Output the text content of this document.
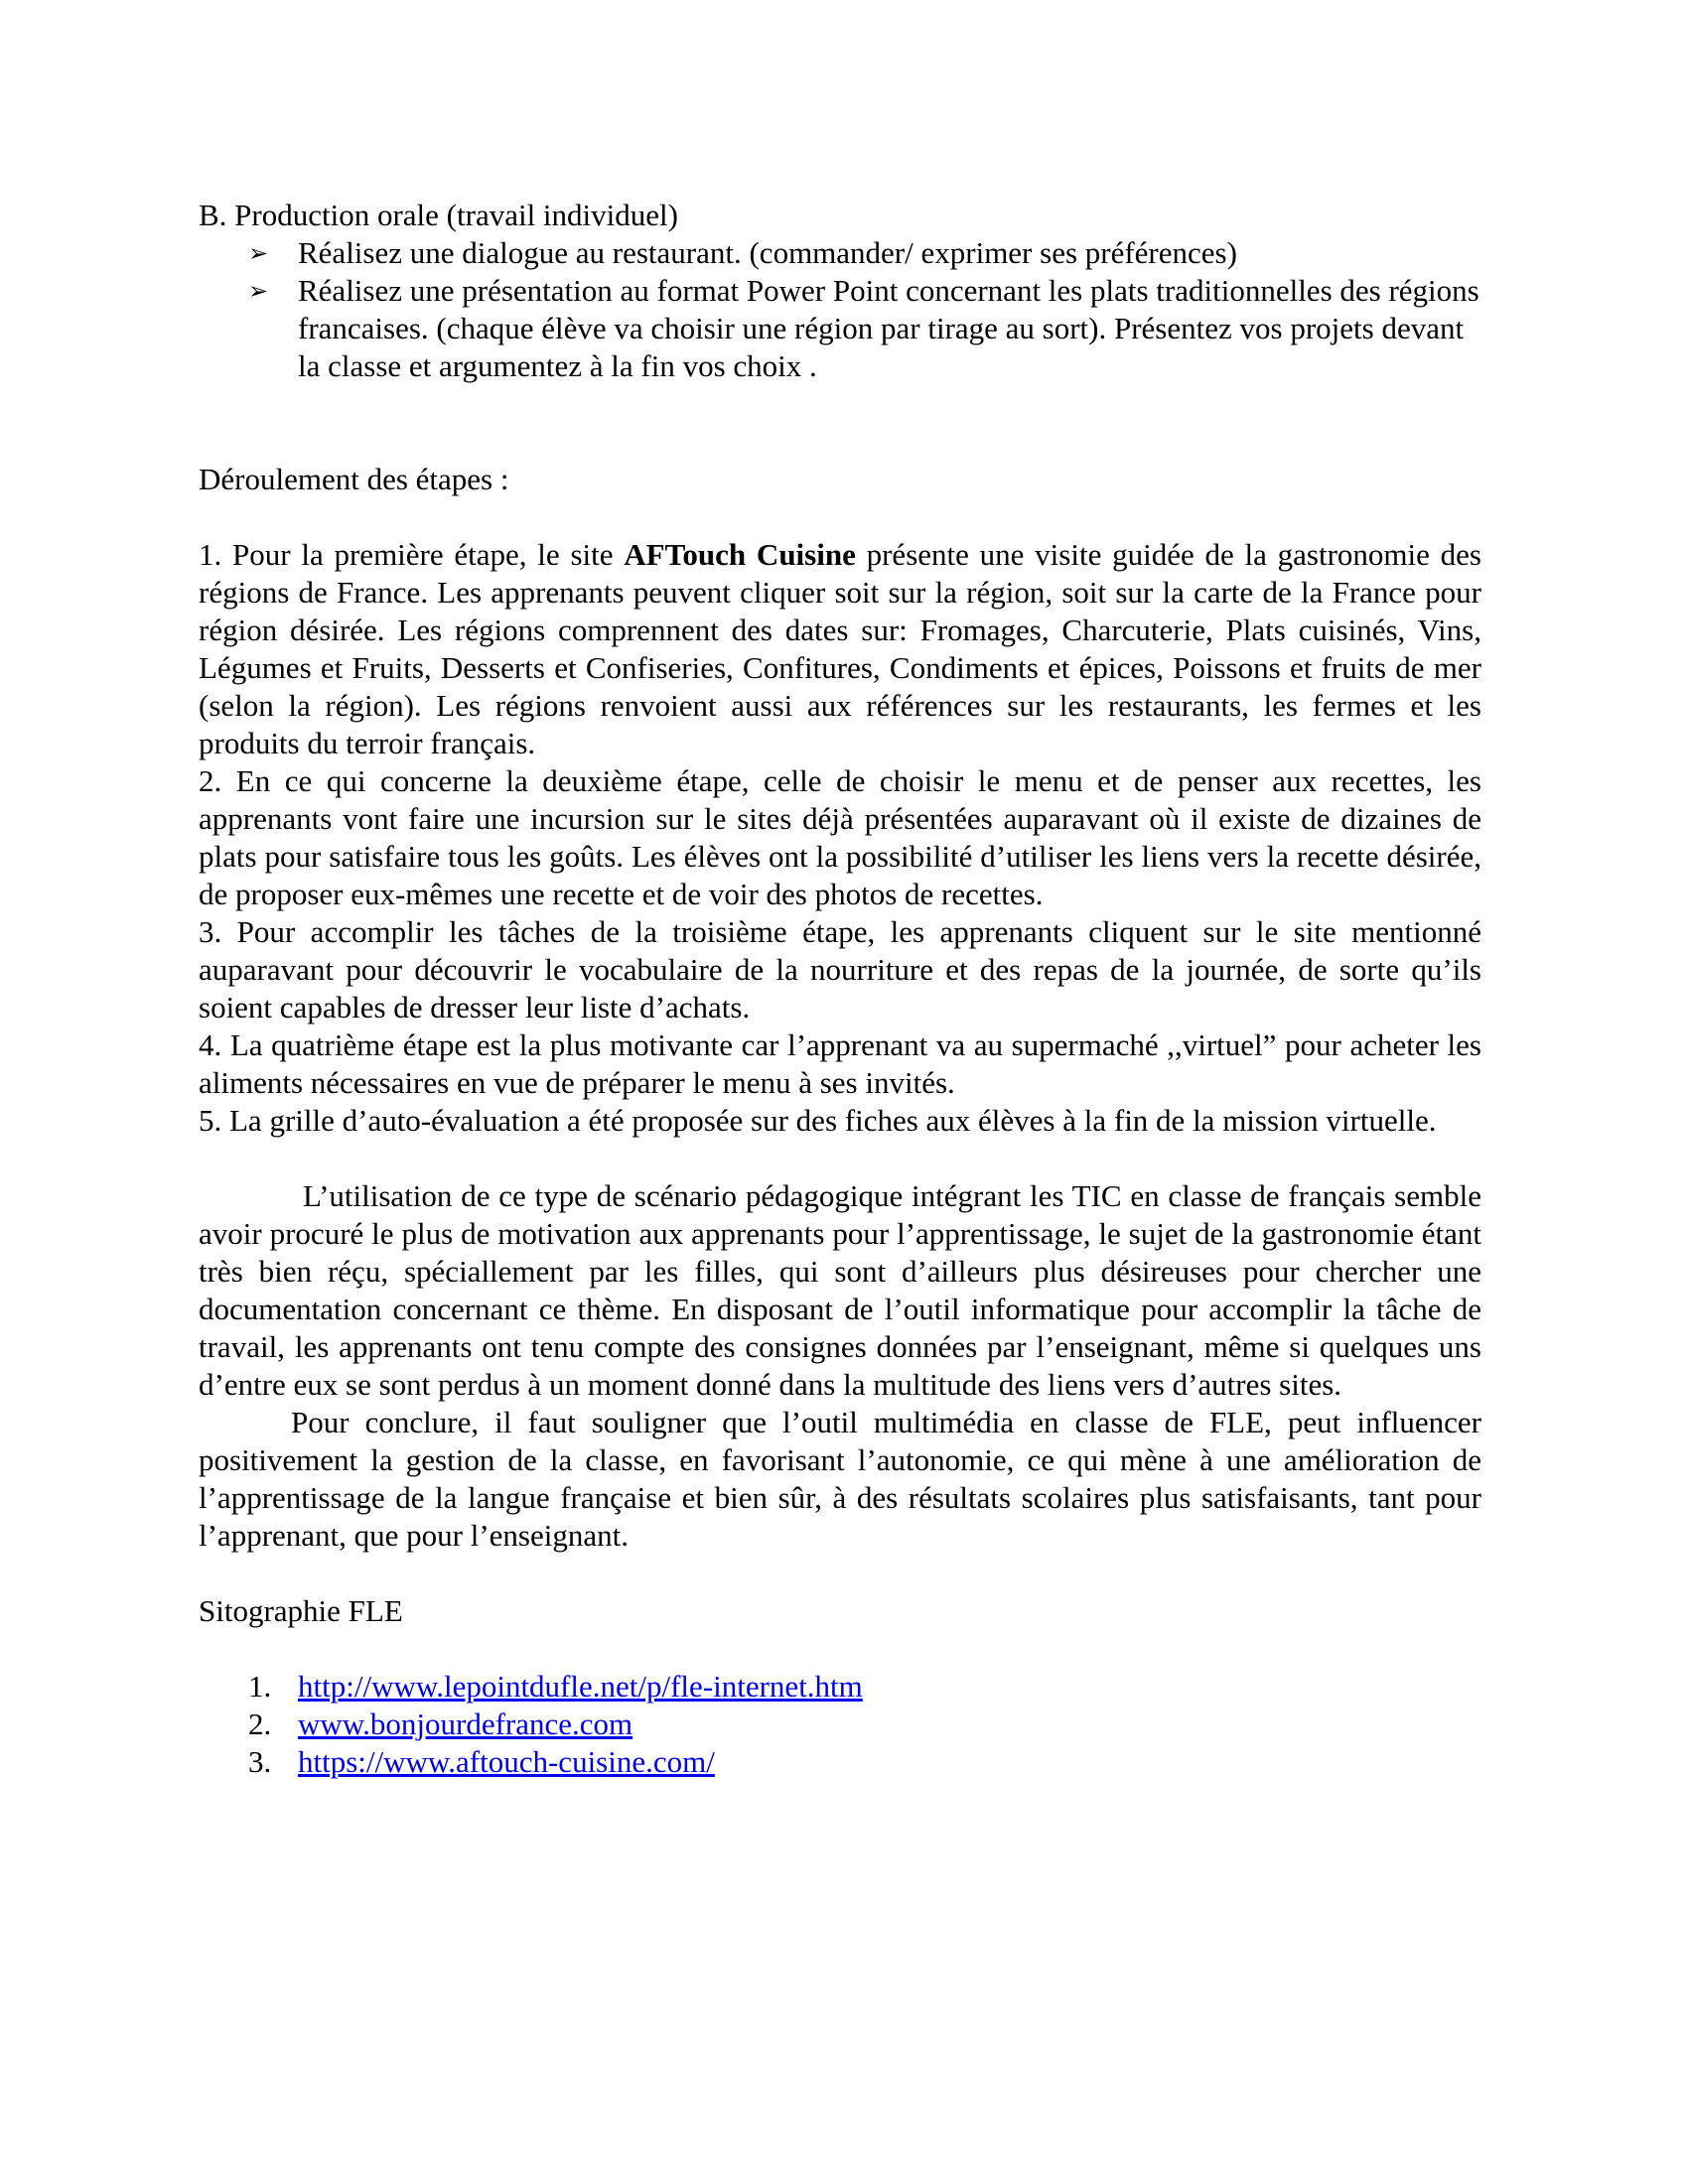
B. Production orale (travail individuel)

➢ Réalisez une dialogue au restaurant. (commander/ exprimer ses préférences)
➢ Réalisez une présentation au format Power Point concernant les plats traditionnelles des régions francaises. (chaque élève va choisir une région par tirage au sort). Présentez vos projets devant la classe et argumentez à la fin vos choix .

Déroulement des étapes :

1. Pour la première étape, le site AFTouch Cuisine présente une visite guidée de la gastronomie des régions de France. Les apprenants peuvent cliquer soit sur la région, soit sur la carte de la France pour région désirée. Les régions comprennent des dates sur: Fromages, Charcuterie, Plats cuisinés, Vins, Légumes et Fruits, Desserts et Confiseries, Confitures, Condiments et épices, Poissons et fruits de mer (selon la région). Les régions renvoient aussi aux références sur les restaurants, les fermes et les produits du terroir français.

2. En ce qui concerne la deuxième étape, celle de choisir le menu et de penser aux recettes, les apprenants vont faire une incursion sur le sites déjà présentées auparavant où il existe de dizaines de plats pour satisfaire tous les goûts. Les élèves ont la possibilité d’utiliser les liens vers la recette désirée, de proposer eux-mêmes une recette et de voir des photos de recettes.

3. Pour accomplir les tâches de la troisième étape, les apprenants cliquent sur le site mentionné auparavant pour découvrir le vocabulaire de la nourriture et des repas de la journée, de sorte qu’ils soient capables de dresser leur liste d’achats.

4. La quatrième étape est la plus motivante car l’apprenant va au supermaché ,,virtuel” pour acheter les aliments nécessaires en vue de préparer le menu à ses invités.

5. La grille d’auto-évaluation a été proposée sur des fiches aux élèves à la fin de la mission virtuelle.

L’utilisation de ce type de scénario pédagogique intégrant les TIC en classe de français semble avoir procuré le plus de motivation aux apprenants pour l’apprentissage, le sujet de la gastronomie étant très bien réçu, spéciallement par les filles, qui sont d’ailleurs plus désireuses pour chercher une documentation concernant ce thème. En disposant de l’outil informatique pour accomplir la tâche de travail, les apprenants ont tenu compte des consignes données par l’enseignant, même si quelques uns d’entre eux se sont perdus à un moment donné dans la multitude des liens vers d’autres sites.

Pour conclure, il faut souligner que l’outil multimédia en classe de FLE, peut influencer positivement la gestion de la classe, en favorisant l’autonomie, ce qui mène à une amélioration de l’apprentissage de la langue française et bien sûr, à des résultats scolaires plus satisfaisants, tant pour l’apprenant, que pour l’enseignant.

Sitographie FLE

1. http://www.lepointdufle.net/p/fle-internet.htm
2. www.bonjourdefrance.com
3. https://www.aftouch-cuisine.com/
